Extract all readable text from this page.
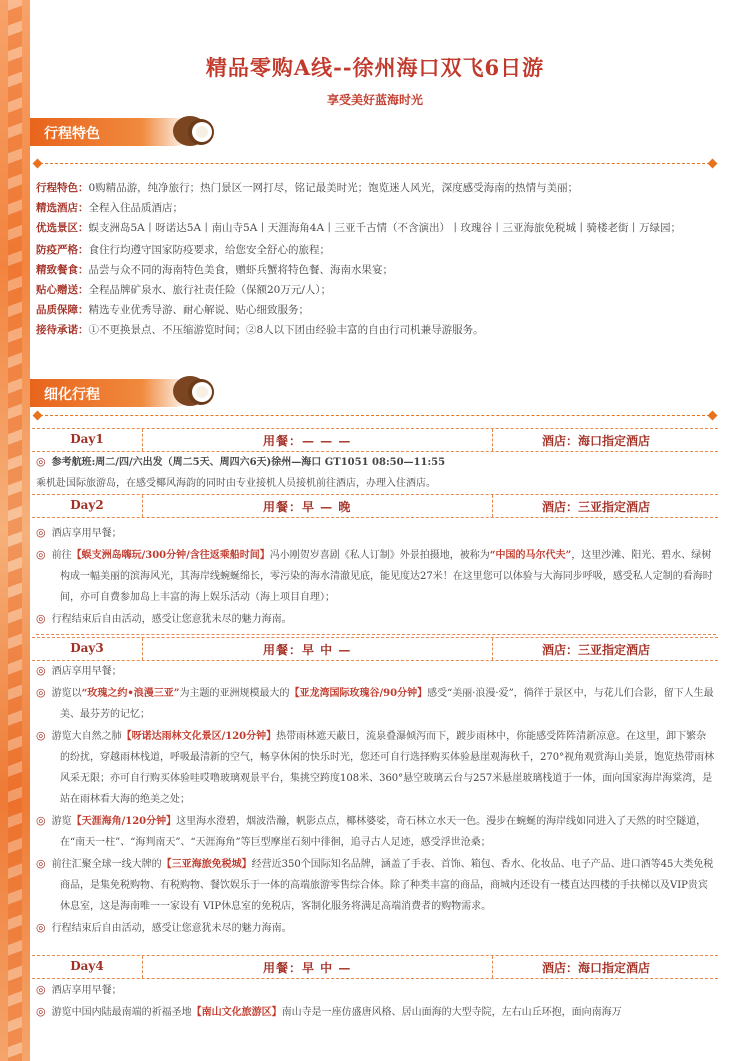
精品零购A线--徐州海口双飞6日游
享受美好蓝海时光
行程特色
行程特色：0购精品游，纯净旅行；热门景区一网打尽，铭记最美时光；饱览迷人风光，深度感受海南的热情与美丽；
精选酒店：全程入住品质酒店；
优选景区：蜈支洲岛5A丨呀诺达5A丨南山寺5A丨天涯海角4A丨三亚千古情（不含演出）丨玫瑰谷丨三亚海旅免税城丨骑楼老街丨万绿园；
防疫严格：食住行均遵守国家防疫要求，给您安全舒心的旅程；
精致餐食：品尝与众不同的海南特色美食，赠虾兵蟹将特色餐、海南水果宴；
贴心赠送：全程品牌矿泉水、旅行社责任险（保额20万元/人）；
品质保障：精选专业优秀导游、耐心解说、贴心细致服务；
接待承诺：①不更换景点、不压缩游览时间；②8人以下团由经验丰富的自由行司机兼导游服务。
细化行程
Day1	用餐：— — —	酒店：海口指定酒店
◎ 参考航班:周二/四/六出发（周二5天、周四六6天)徐州—海口 GT1051 08:50—11:55
乘机赴国际旅游岛，在感受椰风海韵的同时由专业接机人员接机前往酒店，办理入住酒店。
Day2	用餐：早 — 晚	酒店：三亚指定酒店
◎ 酒店享用早餐；
◎ 前往【蜈支洲岛嗨玩/300分钟/含往返乘船时间】冯小刚贺岁喜剧《私人订制》外景拍摄地，被称为“中国的马尔代夫”，这里沙滩、阳光、碧水、绿树构成一幅美丽的滨海风光，其海岸线蜿蜒绵长，零污染的海水清澈见底，能见度达27米！在这里您可以体验与大海同步呼吸，感受私人定制的看海时间，亦可自费参加岛上丰富的海上娱乐活动（海上项目自理）；
◎ 行程结束后自由活动，感受让您意犹未尽的魅力海南。
Day3	用餐：早 中 —	酒店：三亚指定酒店
◎ 酒店享用早餐；
◎ 游览以“玫瑰之约•浪漫三亚”为主题的亚洲规模最大的【亚龙湾国际玫瑰谷/90分钟】感受“美丽·浪漫·爱”，徜徉于景区中，与花儿们合影，留下人生最美、最芬芳的记忆；
◎ 游览大自然之肺【呀诺达雨林文化景区/120分钟】热带雨林遮天蔽日，流泉叠瀑倾泻而下，踱步雨林中，你能感受阵阵清新凉意。在这里，卸下繁杂的纷扰，穿越雨林栈道，呼吸最清新的空气，畅享休闲的快乐时光，您还可自行选择购买体验悬崖观海秋千，270°视角观赏海山美景，饱览热带雨林风采无限；亦可自行购买体验哇哎噜玻璃观景平台，集挑空跨度108米、360°悬空玻璃云台与257米悬崖玻璃栈道于一体，面向国家海岸海棠湾，是站在雨林看大海的绝美之处；
◎ 游览【天涯海角/120分钟】这里海水澄碧，烟波浩瀚，帆影点点，椰林婆娑，奇石林立水天一色。漫步在蜿蜒的海岸线如同进入了天然的时空隧道，在“南天一柱”、“海判南天”、“天涯海角”等巨型摩崖石刻中徘徊，追寻古人足迹，感受浮世沧桑；
◎ 前往汇聚全球一线大牌的【三亚海旅免税城】经营近350个国际知名品牌，涵盖了手表、首饰、箱包、香水、化妆品、电子产品、进口酒等45大类免税商品，是集免税购物、有税购物、餐饮娱乐于一体的高端旅游零售综合体。除了种类丰富的商品，商城内还设有一楼直达四楼的手扶梯以及VIP贵宾休息室，这是海南唯一一家设有 VIP休息室的免税店，客制化服务将满足高端消费者的购物需求。
◎ 行程结束后自由活动，感受让您意犹未尽的魅力海南。
Day4	用餐：早 中 —	酒店：海口指定酒店
◎ 酒店享用早餐；
◎ 游览中国内陆最南端的祈福圣地【南山文化旅游区】南山寺是一座仿盛唐风格、居山面海的大型寺院，左右山丘环抱，面向南海万
